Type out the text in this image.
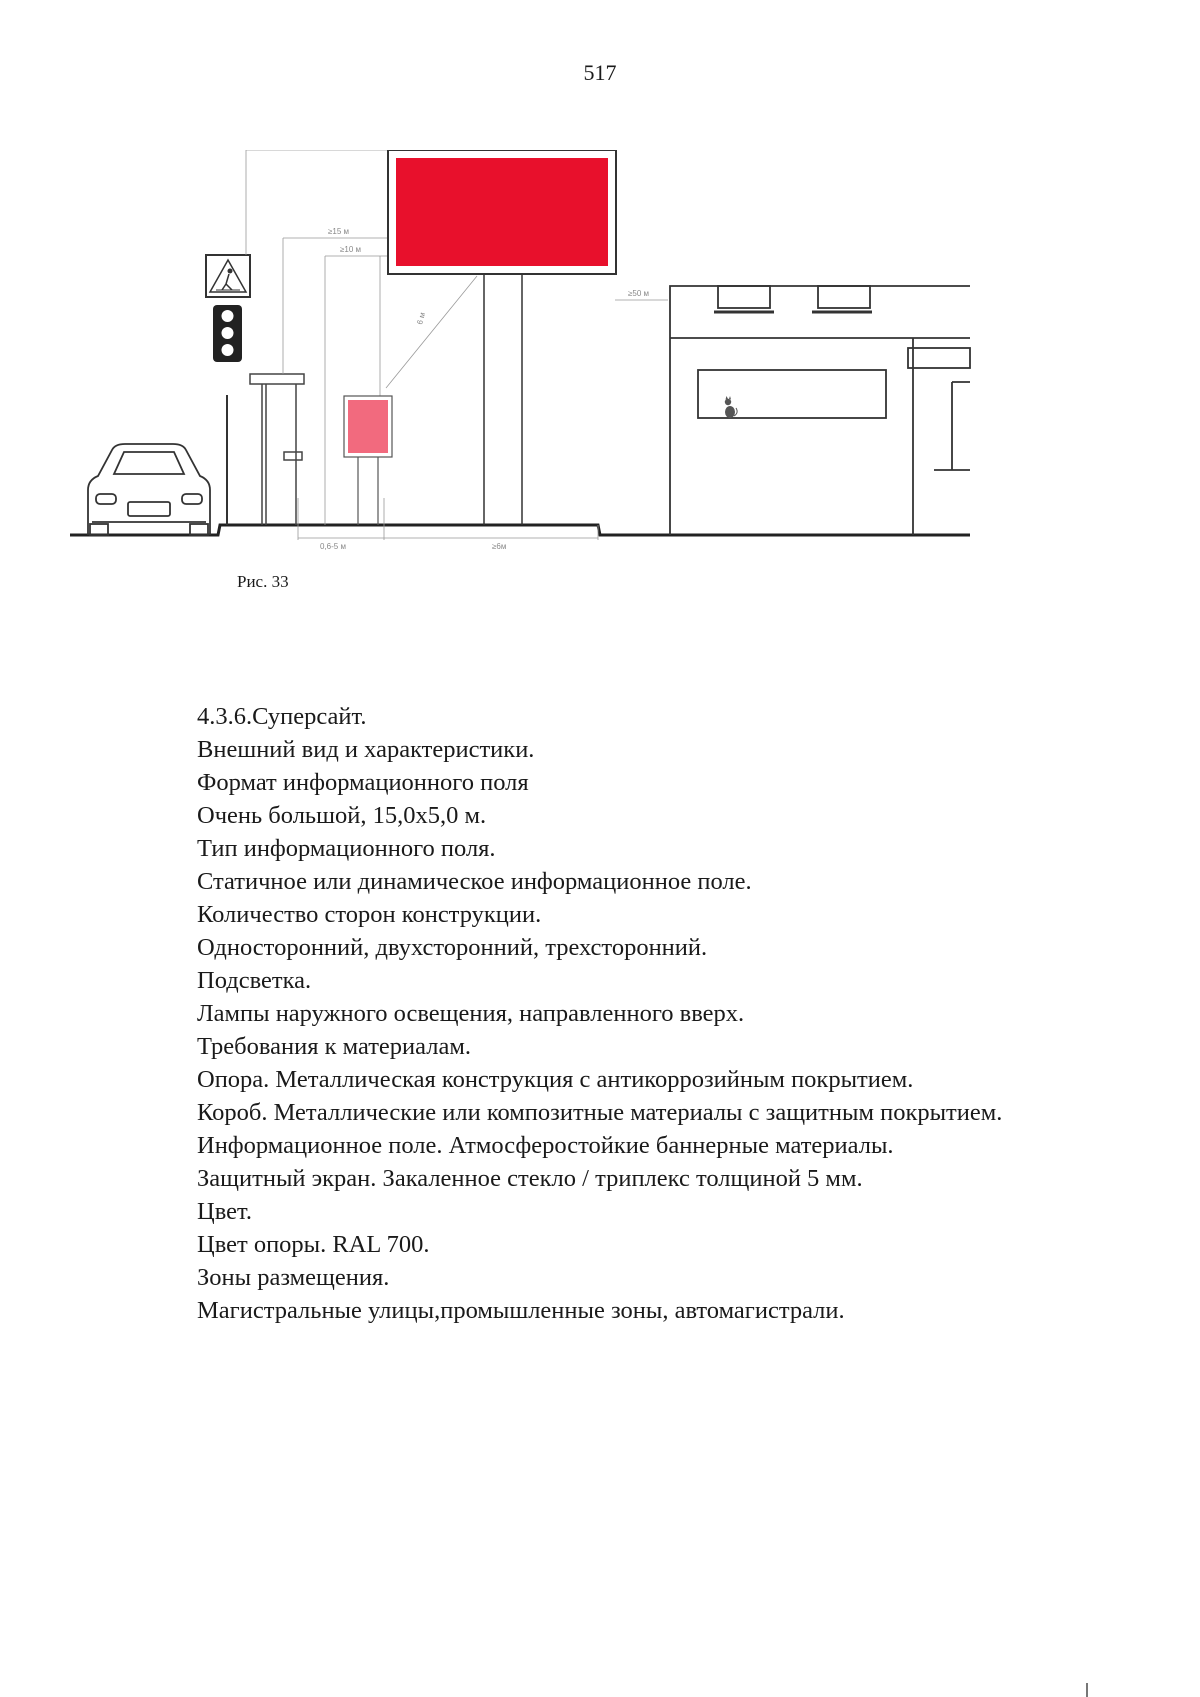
517
≥15 м
≥10 м
≥50 м
6 м
0,6-5 м	≥6м
Рис. 33

4.3.6.Суперсайт.

Внешний вид и характеристики.

Формат информационного поля

Очень большой, 15,0х5,0 м.

Тип информационного поля.

Статичное или динамическое информационное поле.

Количество сторон конструкции.

Односторонний, двухсторонний, трехсторонний.

Подсветка.

Лампы наружного освещения, направленного вверх.

Требования к материалам.

Опора. Металлическая конструкция с антикоррозийным покрытием.

Короб. Металлические или композитные материалы с защитным покрытием.

Информационное поле. Атмосферостойкие баннерные материалы.

Защитный экран. Закаленное стекло / триплекс толщиной 5 мм.

Цвет.

Цвет опоры. RAL 700.

Зоны размещения.

Магистральные улицы,промышленные зоны, автомагистрали.
